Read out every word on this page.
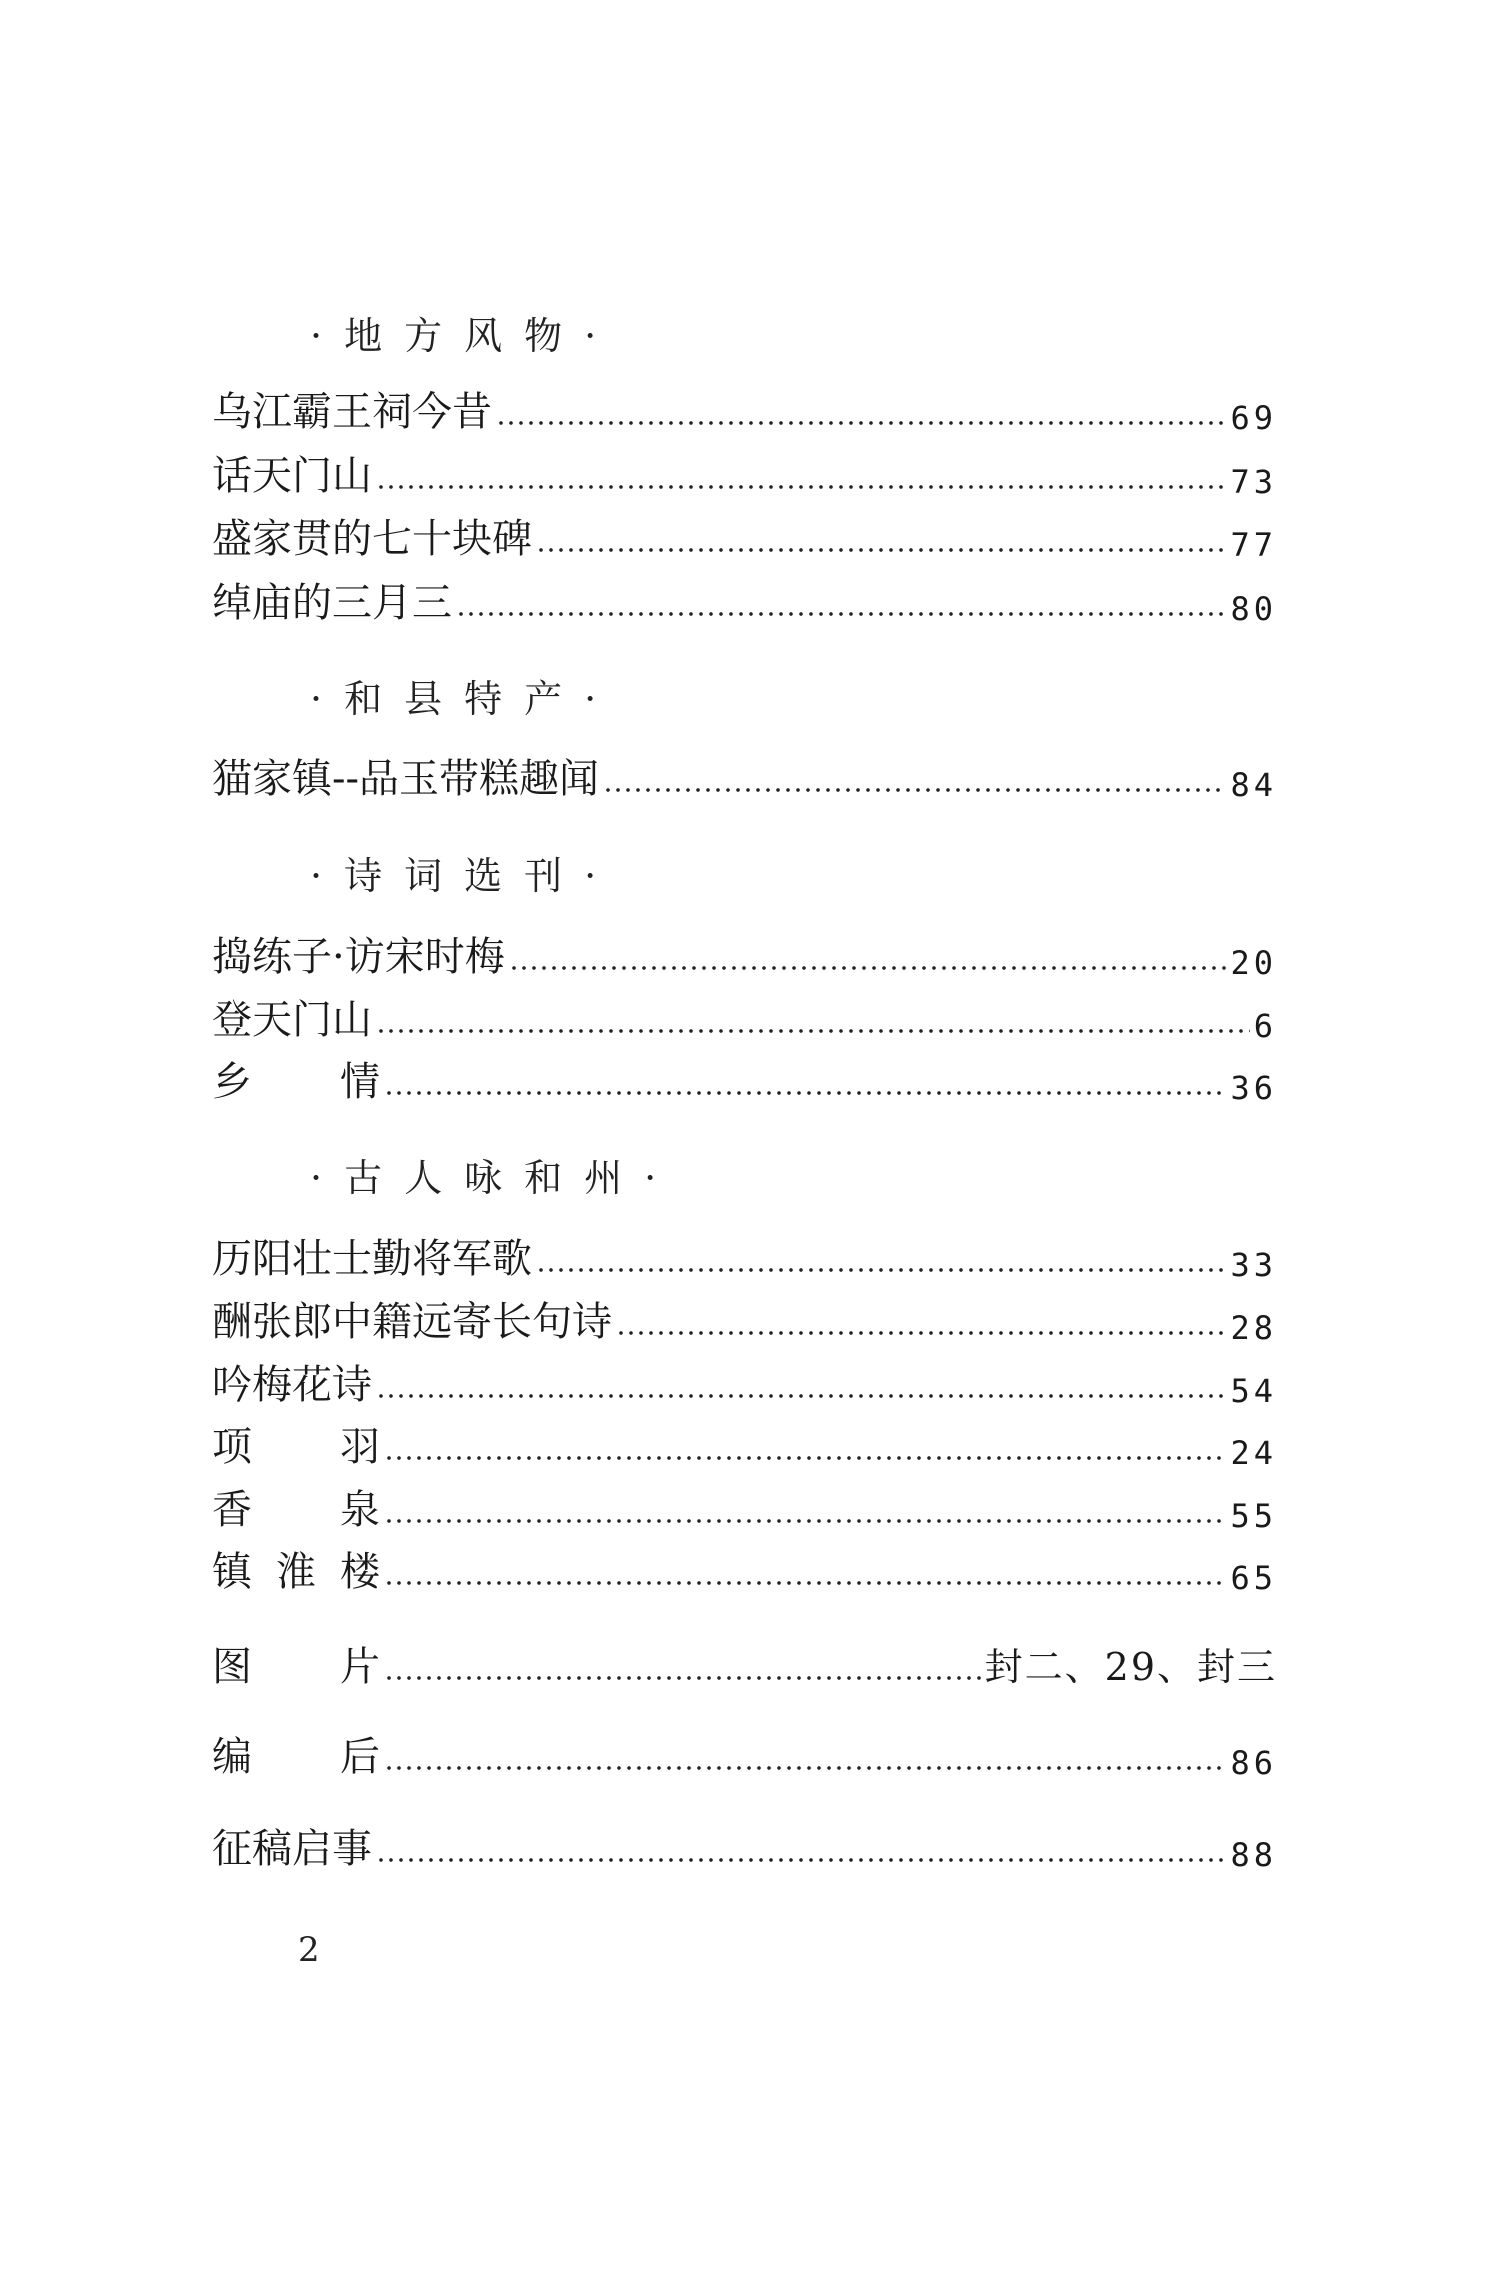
·地方风物·
乌江霸王祠今昔	69
话天门山	73
盛家贯的七十块碑	77
绰庙的三月三	80
·和县特产·
猫家镇--品玉带糕趣闻	84
·诗词选刊·
捣练子·访宋时梅	20
登天门山	6
乡 情	36
·古人咏和州·
历阳壮士勤将军歌	33
酬张郎中籍远寄长句诗	28
吟梅花诗	54
项 羽	24
香 泉	55
镇 淮 楼	65
图 片	封二、29、封三
编 后	86
征稿启事	88
2
